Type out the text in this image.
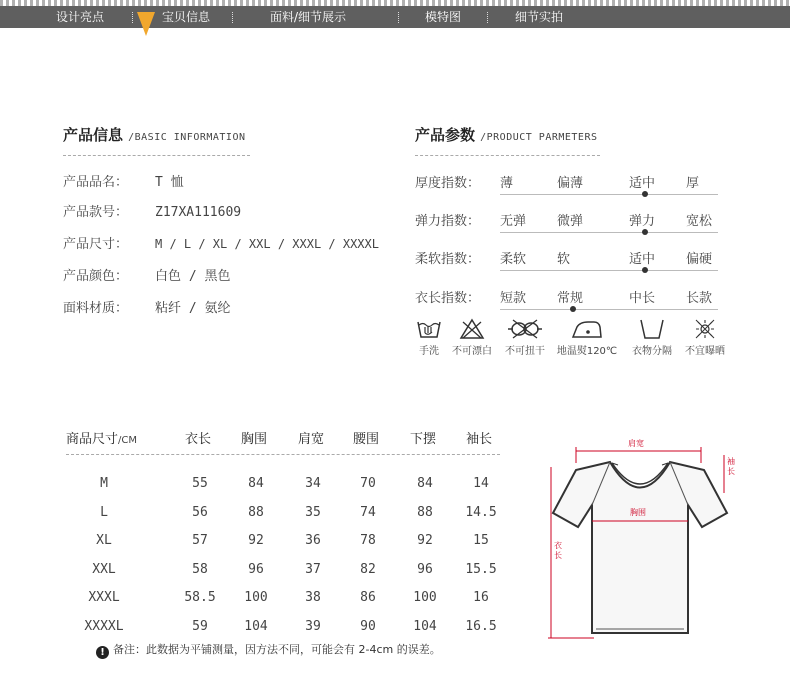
设计亮点	宝贝信息	面料/细节展示	模特图	细节实拍
产品信息 /BASIC INFORMATION
产品品名： T 恤
产品款号： Z17XA111609
产品尺寸： M / L / XL / XXL / XXXL / XXXXL
产品颜色： 白色 / 黑色
面料材质： 粘纤 / 氨纶
产品参数 /PRODUCT PARMETERS
厚度指数： 薄	偏薄	适中 厚
弹力指数： 无弹 微弹	弹力 宽松
柔软指数： 柔软 软	适中 偏硬
衣长指数： 短款 常规	中长 长款
手洗	不可漂白	不可扭干	地温熨120℃	衣物分隔	不宜曝晒
商品尺寸/CM	衣长 胸围 肩宽 腰围 下摆 袖长
M	55	84	34	70	84	14
L	56	88	35	74	88	14.5
XL	57	92	36	78	92	15
XXL	58	96	37	82	96	15.5
XXXL	58.5	100	38	86	100	16
XXXXL	59	104	39	90	104	16.5
! 备注：此数据为平铺测量，因方法不同，可能会有 2-4cm 的误差。
肩宽
袖长
胸围
衣长
